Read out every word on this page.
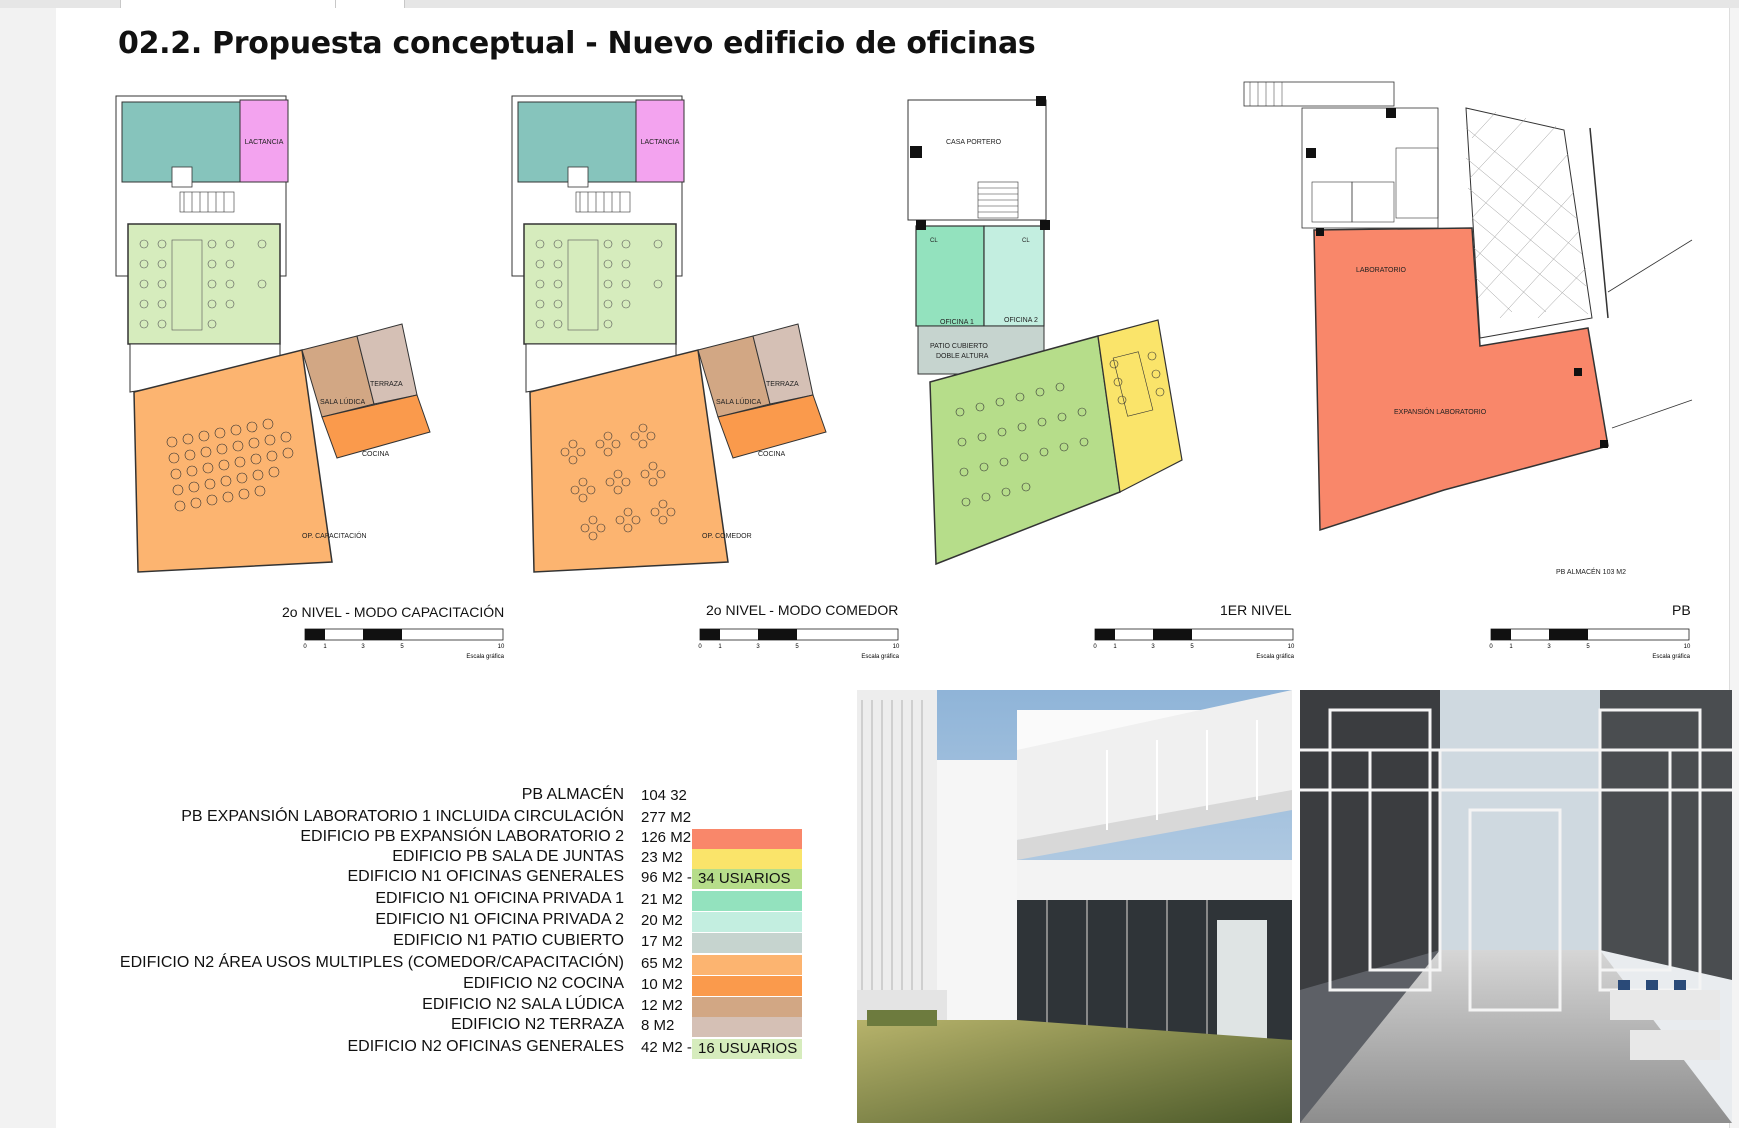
02.2. Propuesta conceptual - Nuevo edificio de oficinas
LACTANCIA
SALA LÚDICA
TERRAZA
COCINA
OP. CAPACITACIÓN
LACTANCIA
SALA LÚDICA
TERRAZA
COCINA
OP. COMEDOR
CASA PORTERO
CL	CL
OFICINA 1	OFICINA 2
PATIO CUBIERTO
DOBLE ALTURA
LABORATORIO
EXPANSIÓN LABORATORIO
PB ALMACÉN 103 M2
2o NIVEL - MODO CAPACITACIÓN	2o NIVEL - MODO COMEDOR	1ER NIVEL	PB
0	1	3	5	10
Escala gráfica
0	1	3	5	10
Escala gráfica
0	1	3	5	10
Escala gráfica
0	1	3	5	10
Escala gráfica
PB ALMACÉN 104 32
PB EXPANSIÓN LABORATORIO 1 INCLUIDA CIRCULACIÓN 277 M2
EDIFICIO PB EXPANSIÓN LABORATORIO 2 126 M2
EDIFICIO PB SALA DE JUNTAS 23 M2
EDIFICIO N1 OFICINAS GENERALES 96 M2 - 34 USIARIOS
EDIFICIO N1 OFICINA PRIVADA 1 21 M2
EDIFICIO N1 OFICINA PRIVADA 2 20 M2
EDIFICIO N1 PATIO CUBIERTO 17 M2
EDIFICIO N2 ÁREA USOS MULTIPLES (COMEDOR/CAPACITACIÓN) 65 M2
EDIFICIO N2 COCINA 10 M2
EDIFICIO N2 SALA LÚDICA 12 M2
EDIFICIO N2 TERRAZA 8 M2
EDIFICIO N2 OFICINAS GENERALES 42 M2 - 16 USUARIOS
